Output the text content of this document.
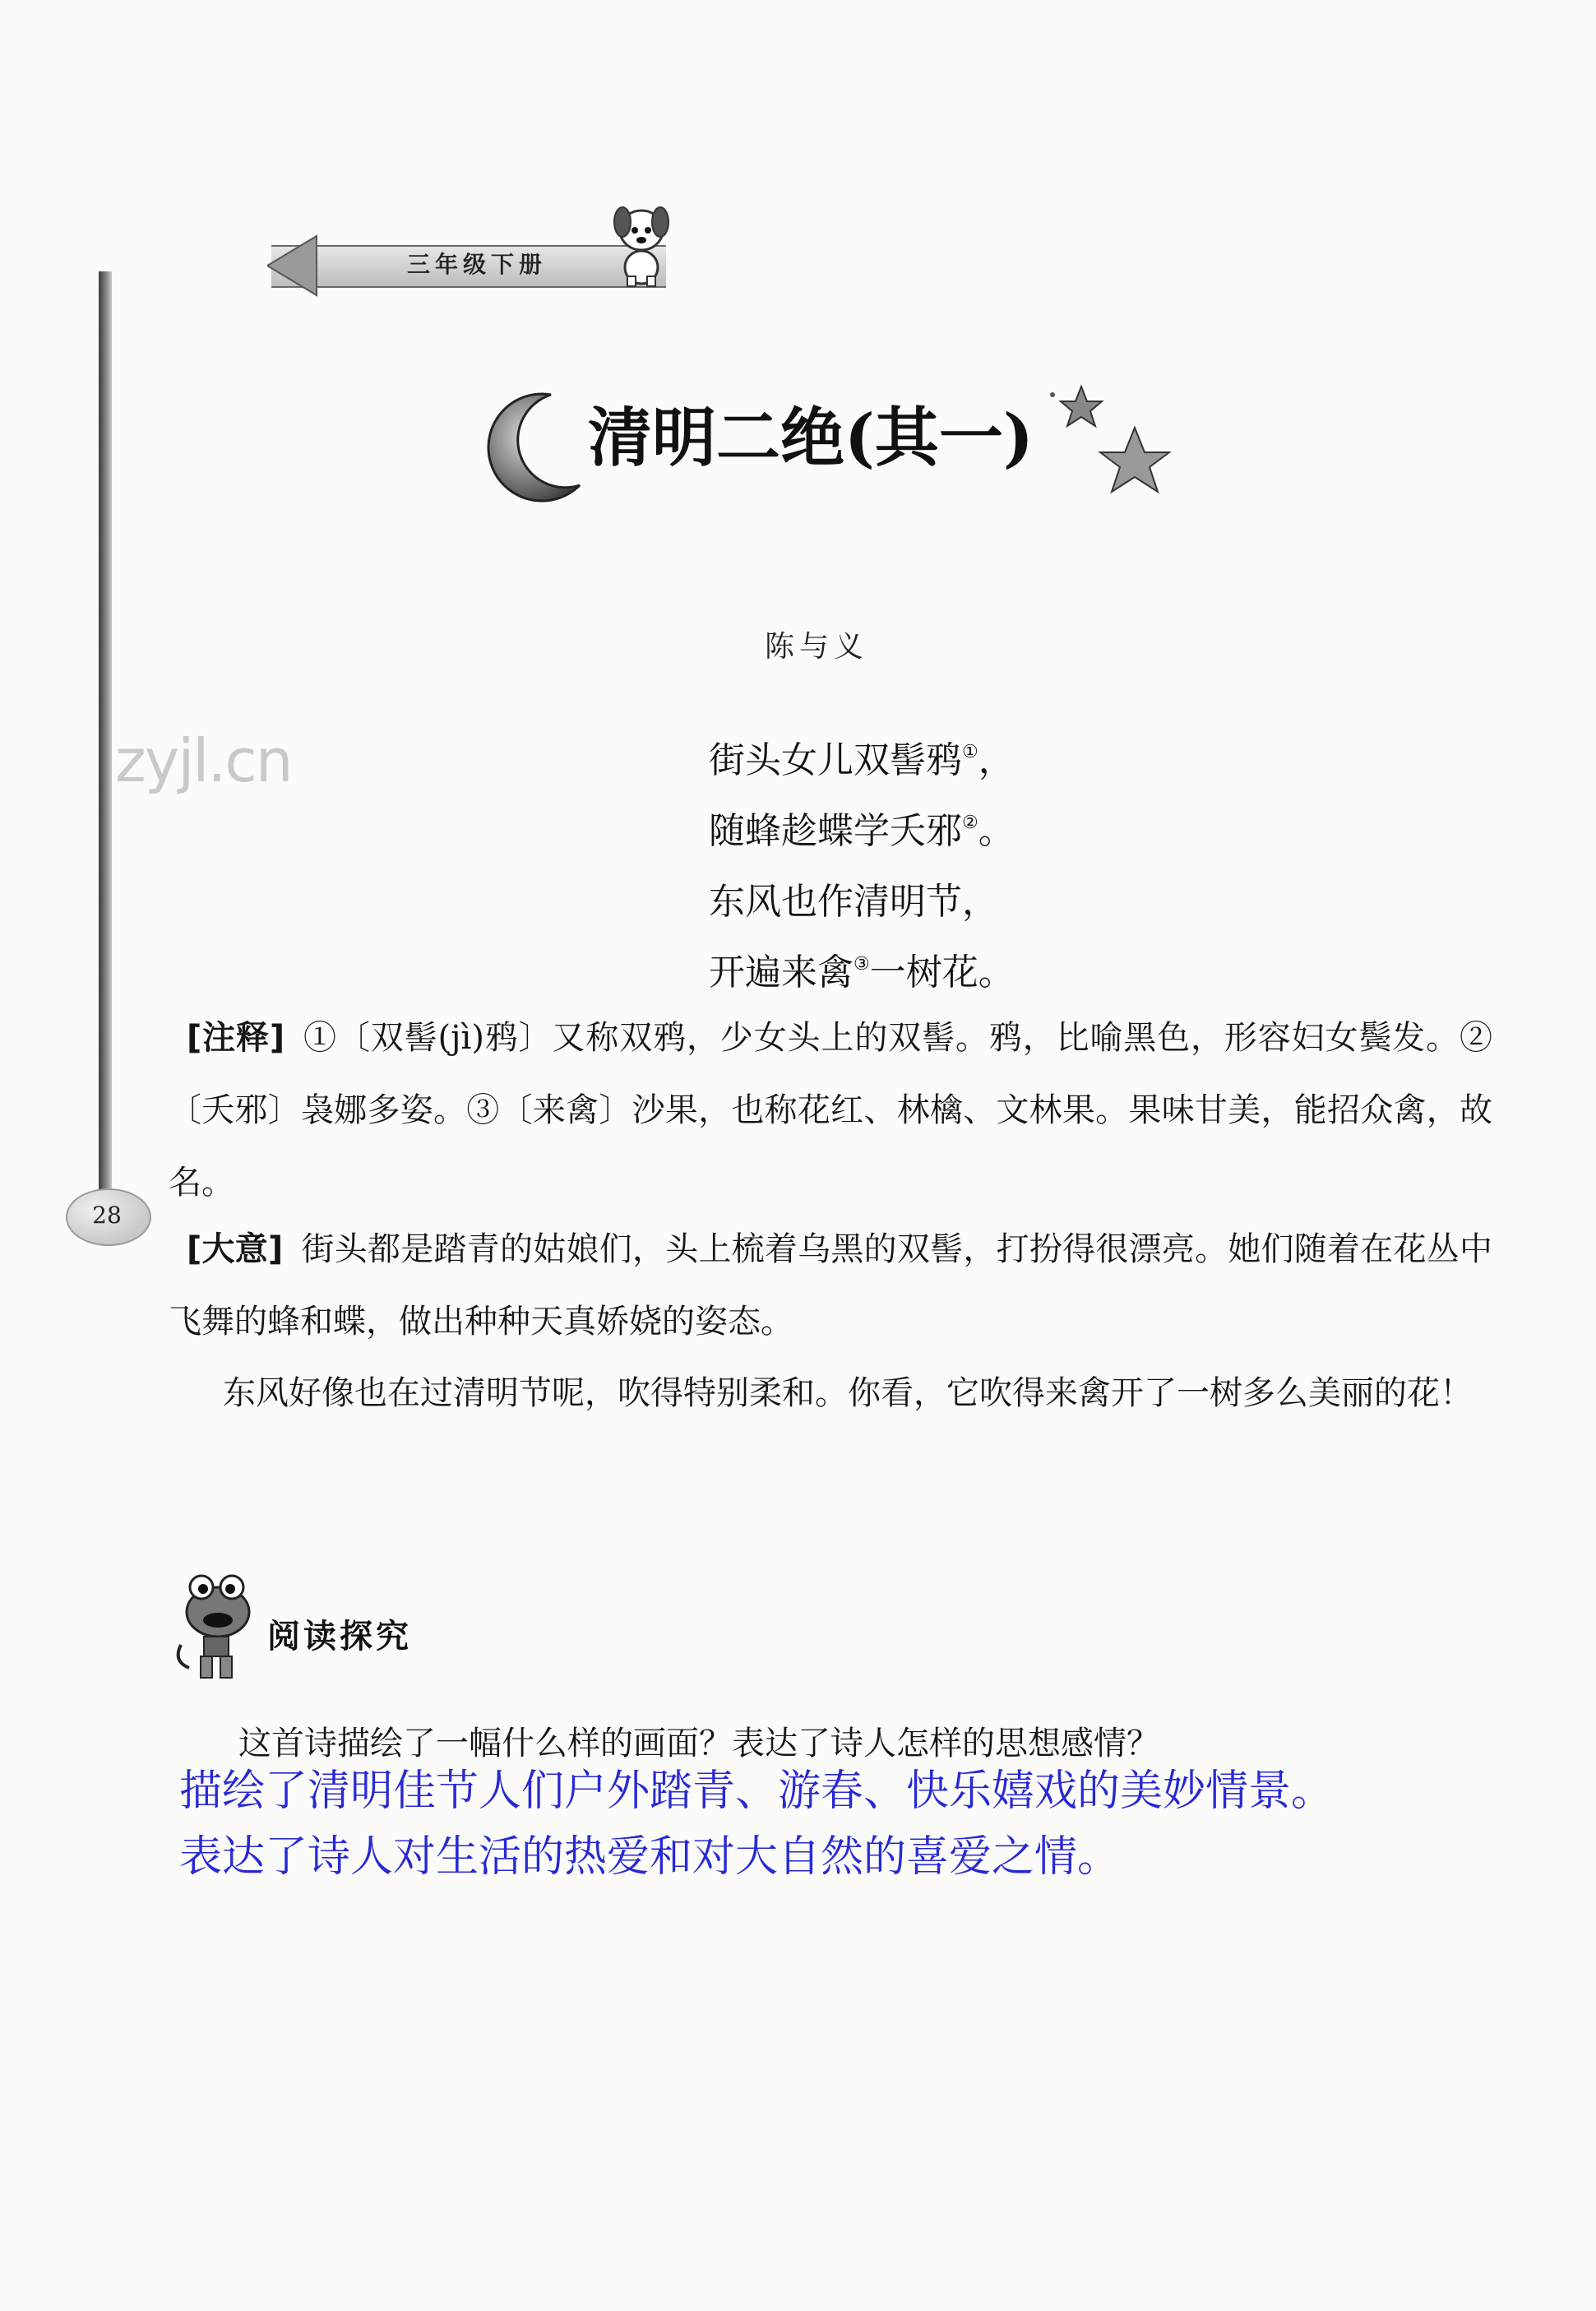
三年级下册
清明二绝(其一)
陈与义
街头女儿双髻鸦①，
随蜂趁蝶学夭邪②。
东风也作清明节，
开遍来禽③一树花。
zyjl.cn
28
[注释] ①〔双髻(jì)鸦〕又称双鸦，少女头上的双髻。鸦，比喻黑色，形容妇女鬓发。②〔夭邪〕袅娜多姿。③〔来禽〕沙果，也称花红、林檎、文林果。果味甘美，能招众禽，故名。
[大意] 街头都是踏青的姑娘们，头上梳着乌黑的双髻，打扮得很漂亮。她们随着在花丛中飞舞的蜂和蝶，做出种种天真娇娆的姿态。
东风好像也在过清明节呢，吹得特别柔和。你看，它吹得来禽开了一树多么美丽的花！
阅读探究
这首诗描绘了一幅什么样的画面？表达了诗人怎样的思想感情？
描绘了清明佳节人们户外踏青、游春、快乐嬉戏的美妙情景。
表达了诗人对生活的热爱和对大自然的喜爱之情。
